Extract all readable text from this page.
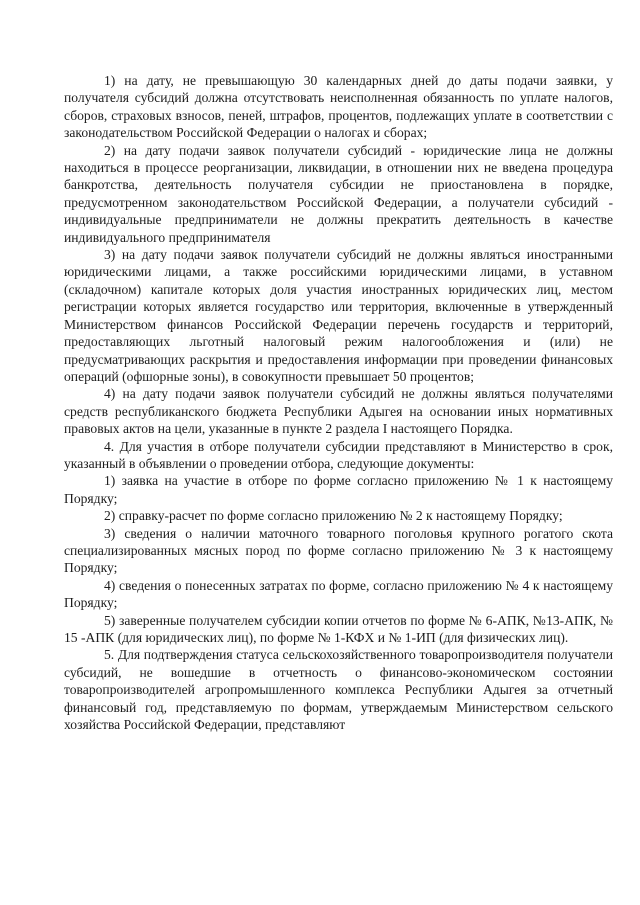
1) на дату, не превышающую 30 календарных дней до даты подачи заявки, у получателя субсидий должна отсутствовать неисполненная обязанность по уплате налогов, сборов, страховых взносов, пеней, штрафов, процентов, подлежащих уплате в соответствии с законодательством Российской Федерации о налогах и сборах;

2) на дату подачи заявок получатели субсидий - юридические лица не должны находиться в процессе реорганизации, ликвидации, в отношении них не введена процедура банкротства, деятельность получателя субсидии не приостановлена в порядке, предусмотренном законодательством Российской Федерации, а получатели субсидий - индивидуальные предприниматели не должны прекратить деятельность в качестве индивидуального предпринимателя

3) на дату подачи заявок получатели субсидий не должны являться иностранными юридическими лицами, а также российскими юридическими лицами, в уставном (складочном) капитале которых доля участия иностранных юридических лиц, местом регистрации которых является государство или территория, включенные в утвержденный Министерством финансов Российской Федерации перечень государств и территорий, предоставляющих льготный налоговый режим налогообложения и (или) не предусматривающих раскрытия и предоставления информации при проведении финансовых операций (офшорные зоны), в совокупности превышает 50 процентов;

4) на дату подачи заявок получатели субсидий не должны являться получателями средств республиканского бюджета Республики Адыгея на основании иных нормативных правовых актов на цели, указанные в пункте 2 раздела I настоящего Порядка.

4. Для участия в отборе получатели субсидии представляют в Министерство в срок, указанный в объявлении о проведении отбора, следующие документы:

1) заявка на участие в отборе по форме согласно приложению № 1 к настоящему Порядку;

2) справку-расчет по форме согласно приложению № 2 к настоящему Порядку;

3) сведения о наличии маточного товарного поголовья крупного рогатого скота специализированных мясных пород по форме согласно приложению № 3 к настоящему Порядку;

4) сведения о понесенных затратах по форме, согласно приложению № 4 к настоящему Порядку;

5) заверенные получателем субсидии копии отчетов по форме № 6-АПК, №13-АПК, № 15 -АПК (для юридических лиц), по форме № 1-КФХ и № 1-ИП (для физических лиц).

5. Для подтверждения статуса сельскохозяйственного товаропроизводителя получатели субсидий, не вошедшие в отчетность о финансово-экономическом состоянии товаропроизводителей агропромышленного комплекса Республики Адыгея за отчетный финансовый год, представляемую по формам, утверждаемым Министерством сельского хозяйства Российской Федерации, представляют
